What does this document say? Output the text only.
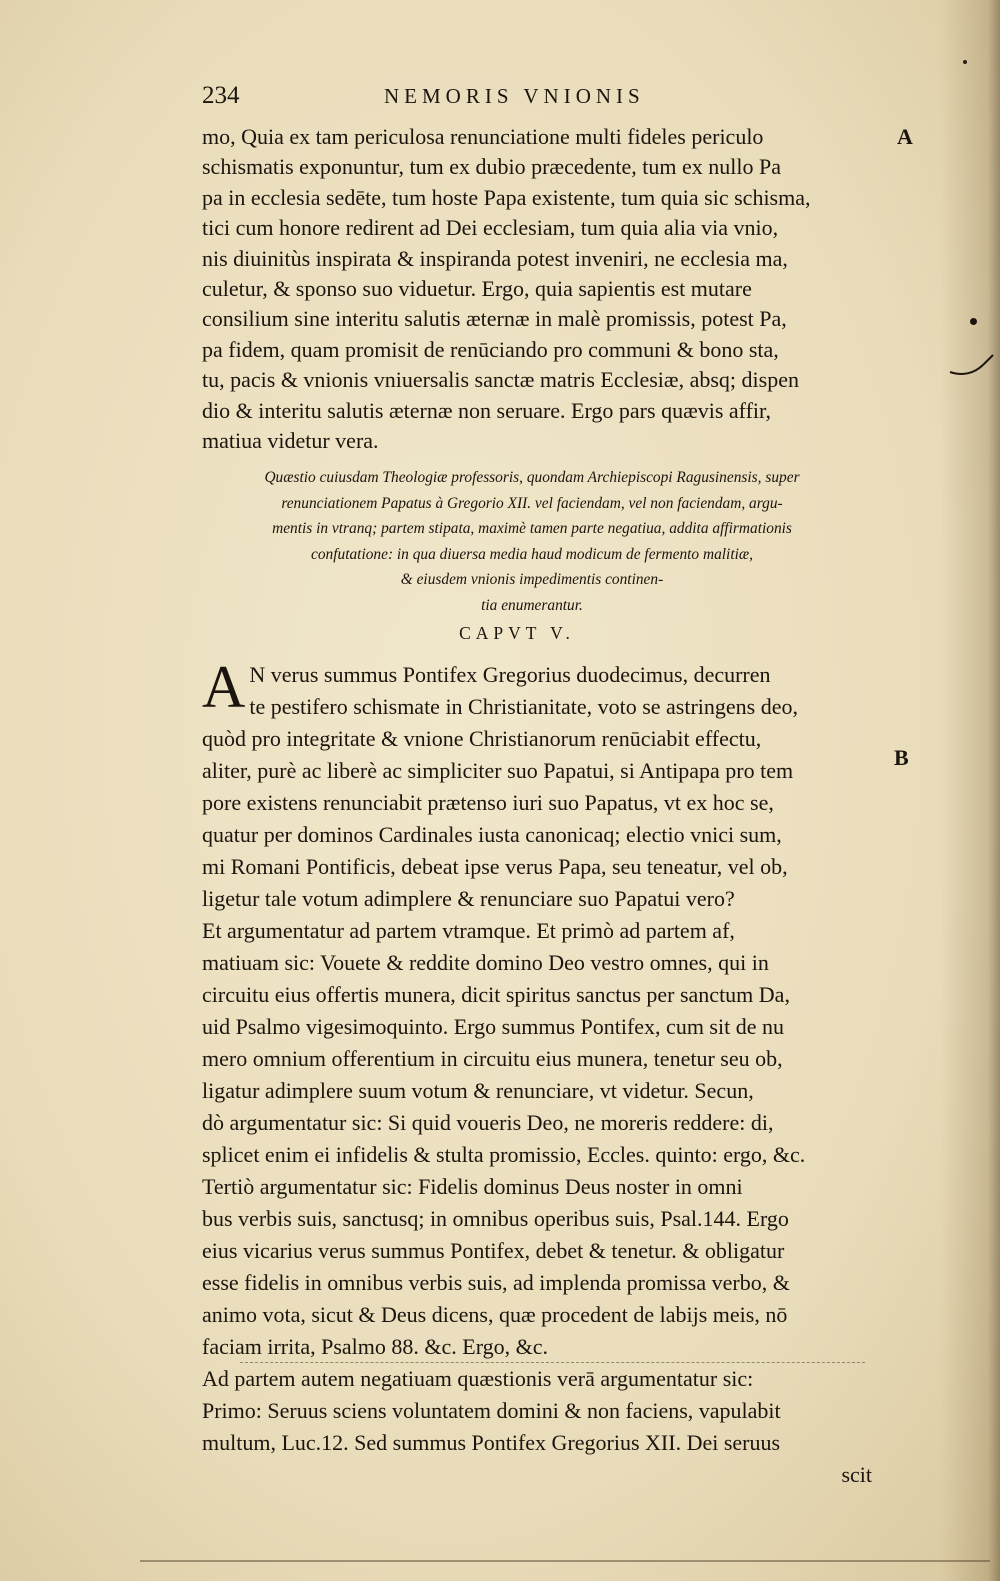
234	NEMORIS VNIONIS
A
B
mo, Quia ex tam periculosa renunciatione multi fideles periculo
schismatis exponuntur, tum ex dubio præcedente, tum ex nullo Pa
pa in ecclesia sedēte, tum hoste Papa existente, tum quia sic schisma,
tici cum honore redirent ad Dei ecclesiam, tum quia alia via vnio,
nis diuinitùs inspirata & inspiranda potest inveniri, ne ecclesia ma,
culetur, & sponso suo viduetur. Ergo, quia sapientis est mutare
consilium sine interitu salutis æternæ in malè promissis, potest Pa,
pa fidem, quam promisit de renūciando pro communi & bono sta,
tu, pacis & vnionis vniuersalis sanctæ matris Ecclesiæ, absq; dispen
dio & interitu salutis æternæ non seruare. Ergo pars quævis affir,
matiua videtur vera.
Quæstio cuiusdam Theologiæ professoris, quondam Archiepiscopi Ragusinensis, super
renunciationem Papatus à Gregorio XII. vel faciendam, vel non faciendam, argu-
mentis in vtranq; partem stipata, maximè tamen parte negatiua, addita affirmationis
confutatione: in qua diuersa media haud modicum de fermento malitiæ,
& eiusdem vnionis impedimentis continen-
tia enumerantur.
CAPVT V.
A N verus summus Pontifex Gregorius duodecimus, decurren
te pestifero schismate in Christianitate, voto se astringens deo,
quòd pro integritate & vnione Christianorum renūciabit effectu,
aliter, purè ac liberè ac simpliciter suo Papatui, si Antipapa pro tem
pore existens renunciabit prætenso iuri suo Papatus, vt ex hoc se,
quatur per dominos Cardinales iusta canonicaq; electio vnici sum,
mi Romani Pontificis, debeat ipse verus Papa, seu teneatur, vel ob,
ligetur tale votum adimplere & renunciare suo Papatui vero?
Et argumentatur ad partem vtramque. Et primò ad partem af,
matiuam sic: Vouete & reddite domino Deo vestro omnes, qui in
circuitu eius offertis munera, dicit spiritus sanctus per sanctum Da,
uid Psalmo vigesimoquinto. Ergo summus Pontifex, cum sit de nu
mero omnium offerentium in circuitu eius munera, tenetur seu ob,
ligatur adimplere suum votum & renunciare, vt videtur. Secun,
dò argumentatur sic: Si quid voueris Deo, ne moreris reddere: di,
splicet enim ei infidelis & stulta promissio, Eccles. quinto: ergo, &c.
Tertiò argumentatur sic: Fidelis dominus Deus noster in omni
bus verbis suis, sanctusq; in omnibus operibus suis, Psal.144. Ergo
eius vicarius verus summus Pontifex, debet & tenetur. & obligatur
esse fidelis in omnibus verbis suis, ad implenda promissa verbo, &
animo vota, sicut & Deus dicens, quæ procedent de labijs meis, nō
faciam irrita, Psalmo 88. &c. Ergo, &c.
Ad partem autem negatiuam quæstionis verā argumentatur sic:
Primo: Seruus sciens voluntatem domini & non faciens, vapulabit
multum, Luc.12. Sed summus Pontifex Gregorius XII. Dei seruus
scit
